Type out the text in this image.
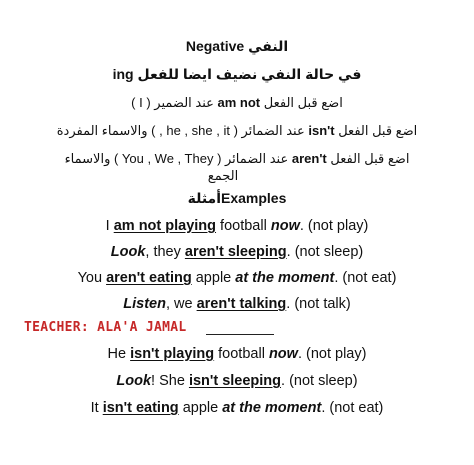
Negative النفي
ing في حالة النفي نضيف ايضا للفعل
عند الضمير ( I ) am not اضع قبل الفعل
عند الضمائر ( he , she , it , ) والاسماء المفردة isn't اضع قبل الفعل
عند الضمائر ( You , We , They ) والاسماء aren't اضع قبل الفعل
الجمع
أمثلةExamples
I am not playing football now. (not play)
Look, they aren't sleeping. (not sleep)
You aren't eating apple at the moment. (not eat)
Listen, we aren't talking. (not talk)
TEACHER: ALA'A JAMAL
He isn't playing football now. (not play)
Look! She isn't sleeping. (not sleep)
It isn't eating apple at the moment. (not eat)
